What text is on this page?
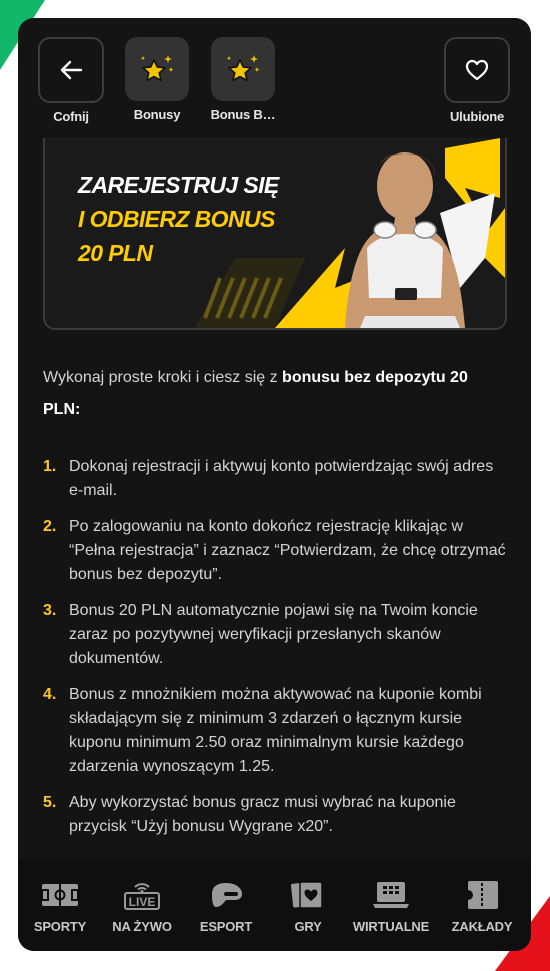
Cofnij	Bonusy	Bonus B…	Ulubione
ZAREJESTRUJ SIĘ
I ODBIERZ BONUS
20 PLN

Wykonaj proste kroki i ciesz się z bonusu bez depozytu 20 PLN:

1. Dokonaj rejestracji i aktywuj konto potwierdzając swój adres e-mail.
2. Po zalogowaniu na konto dokończ rejestrację klikając w “Pełna rejestracja” i zaznacz “Potwierdzam, że chcę otrzymać bonus bez depozytu”.
3. Bonus 20 PLN automatycznie pojawi się na Twoim koncie zaraz po pozytywnej weryfikacji przesłanych skanów dokumentów.
4. Bonus z mnożnikiem można aktywować na kuponie kombi składającym się z minimum 3 zdarzeń o łącznym kursie kuponu minimum 2.50 oraz minimalnym kursie każdego zdarzenia wynoszącym 1.25.
5. Aby wykorzystać bonus gracz musi wybrać na kuponie przycisk “Użyj bonusu Wygrane x20”.
SPORTY
LIVE
NA ŻYWO	ESPORT	GRY	WIRTUALNE	ZAKŁADY
